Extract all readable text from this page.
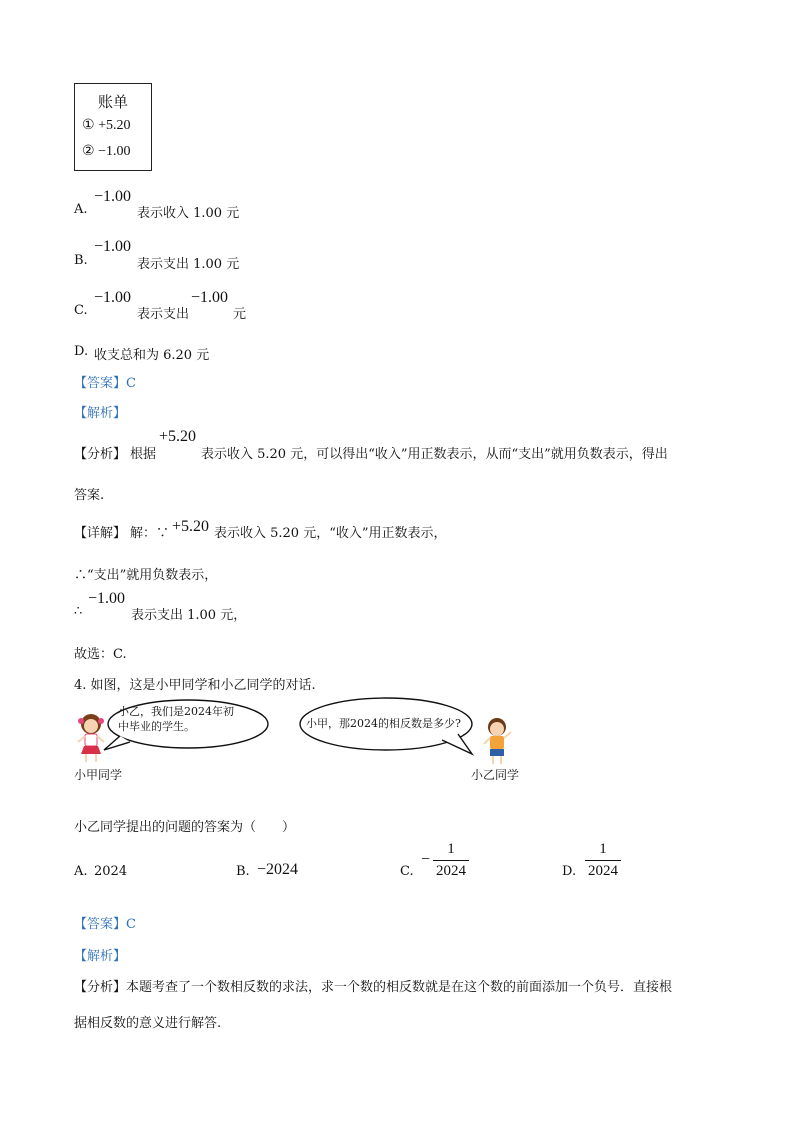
账单
① +5.20
② −1.00
A.
−1.00
表示收入 1.00 元
B.
−1.00
表示支出 1.00 元
C.
−1.00
表示支出
−1.00
元
D. 收支总和为 6.20 元
【答案】C
【解析】
【分析】 根据
+5.20
表示收入 5.20 元，可以得出“收入”用正数表示，从而“支出”就用负数表示，得出
答案.
【详解】 解：∵ +5.20 表示收入 5.20 元，“收入”用正数表示，
∴“支出”就用负数表示，
∴
−1.00
表示支出 1.00 元，
故选：C.
4. 如图，这是小甲同学和小乙同学的对话.
小乙，我们是2024年初
中毕业的学生。	小甲，那2024的相反数是多少?
小甲同学	小乙同学
小乙同学提出的问题的答案为（　　）
A. 2024	B. −2024	C.
−
1
2024	D.
1
2024
【答案】C
【解析】
【分析】本题考查了一个数相反数的求法，求一个数的相反数就是在这个数的前面添加一个负号．直接根
据相反数的意义进行解答.
